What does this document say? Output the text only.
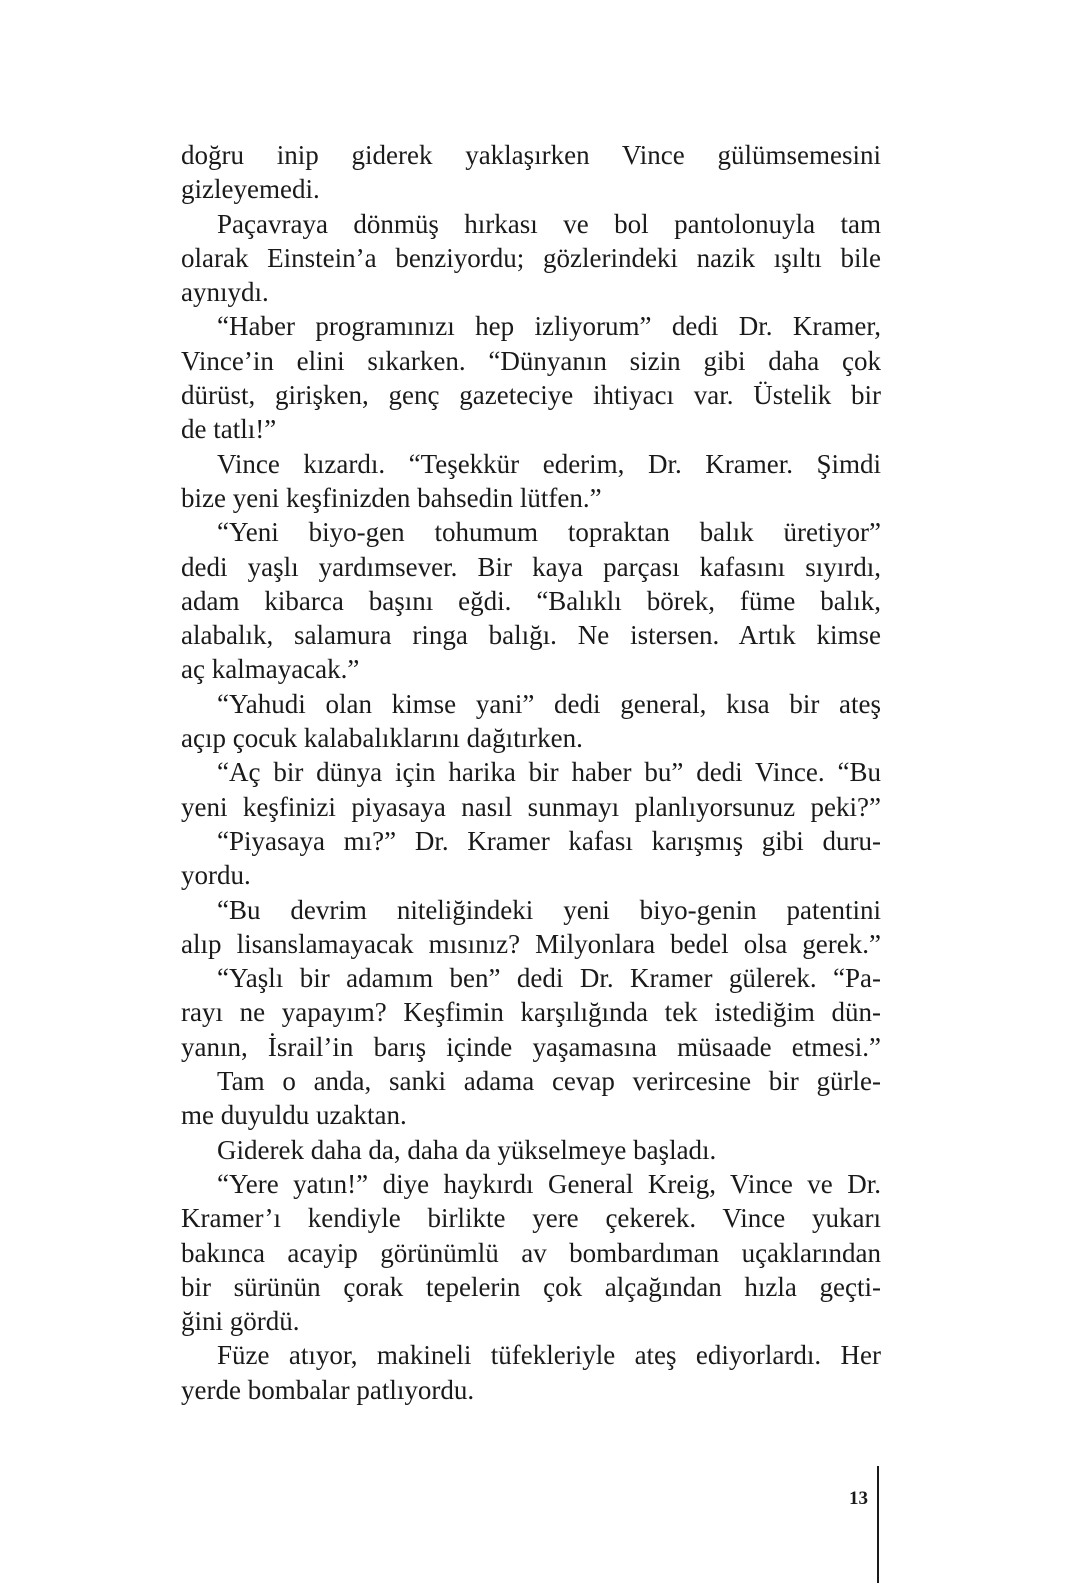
doğru inip giderek yaklaşırken Vince gülümsemesini
gizleyemedi.
Paçavraya dönmüş hırkası ve bol pantolonuyla tam
olarak Einstein’a benziyordu; gözlerindeki nazik ışıltı bile
aynıydı.
“Haber programınızı hep izliyorum” dedi Dr. Kramer,
Vince’in elini sıkarken. “Dünyanın sizin gibi daha çok
dürüst, girişken, genç gazeteciye ihtiyacı var. Üstelik bir
de tatlı!”
Vince kızardı. “Teşekkür ederim, Dr. Kramer. Şimdi
bize yeni keşfinizden bahsedin lütfen.”
“Yeni biyo-gen tohumum topraktan balık üretiyor”
dedi yaşlı yardımsever. Bir kaya parçası kafasını sıyırdı,
adam kibarca başını eğdi. “Balıklı börek, füme balık,
alabalık, salamura ringa balığı. Ne istersen. Artık kimse
aç kalmayacak.”
“Yahudi olan kimse yani” dedi general, kısa bir ateş
açıp çocuk kalabalıklarını dağıtırken.
“Aç bir dünya için harika bir haber bu” dedi Vince. “Bu
yeni keşfinizi piyasaya nasıl sunmayı planlıyorsunuz peki?”
“Piyasaya mı?” Dr. Kramer kafası karışmış gibi duru-
yordu.
“Bu devrim niteliğindeki yeni biyo-genin patentini
alıp lisanslamayacak mısınız? Milyonlara bedel olsa gerek.”
“Yaşlı bir adamım ben” dedi Dr. Kramer gülerek. “Pa-
rayı ne yapayım? Keşfimin karşılığında tek istediğim dün-
yanın, İsrail’in barış içinde yaşamasına müsaade etmesi.”
Tam o anda, sanki adama cevap verircesine bir gürle-
me duyuldu uzaktan.
Giderek daha da, daha da yükselmeye başladı.
“Yere yatın!” diye haykırdı General Kreig, Vince ve Dr.
Kramer’ı kendiyle birlikte yere çekerek. Vince yukarı
bakınca acayip görünümlü av bombardıman uçaklarından
bir sürünün çorak tepelerin çok alçağından hızla geçti-
ğini gördü.
Füze atıyor, makineli tüfekleriyle ateş ediyorlardı. Her
yerde bombalar patlıyordu.
13
